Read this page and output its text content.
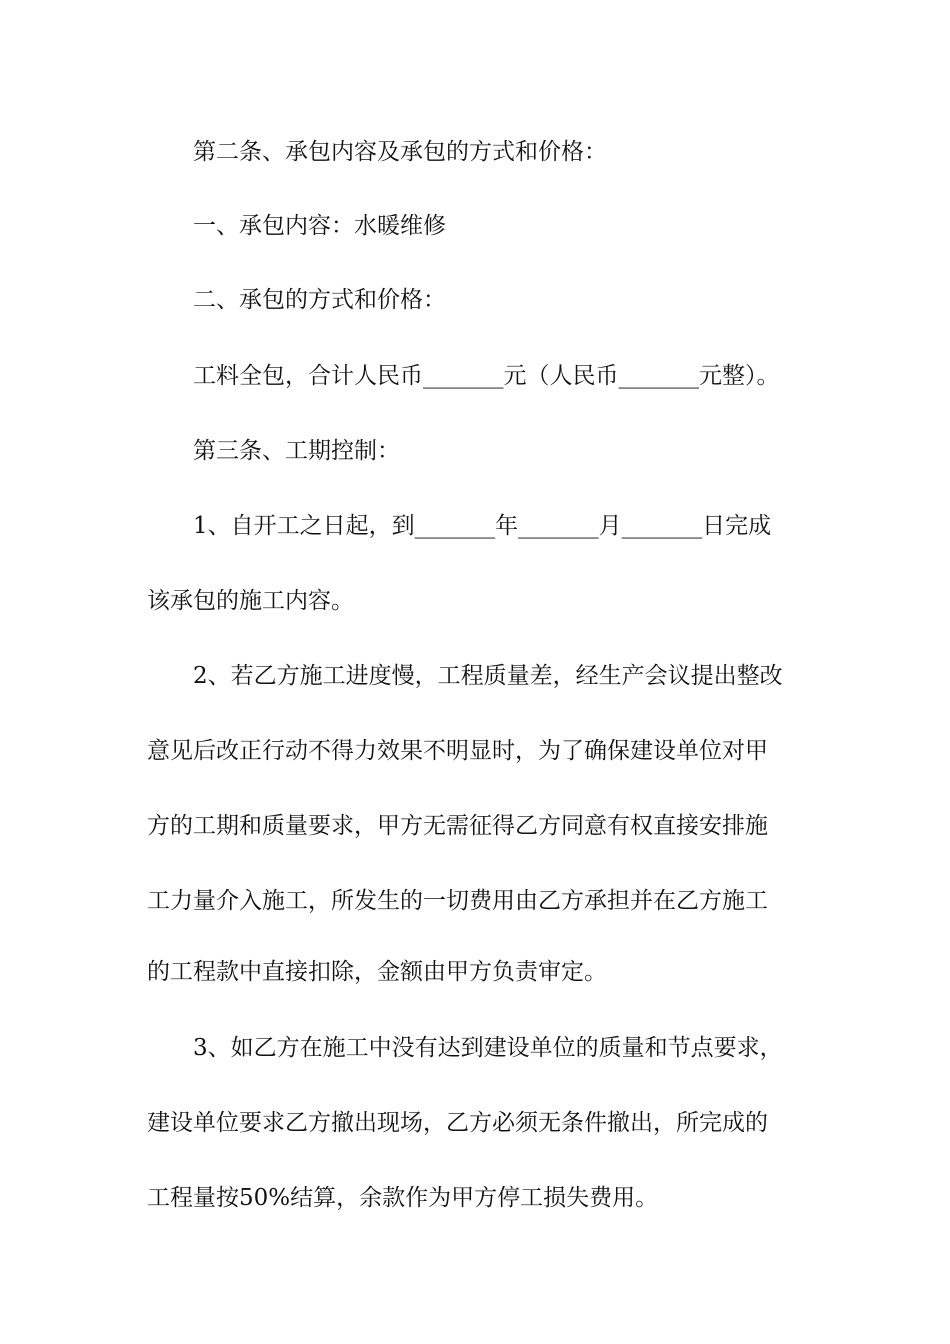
第二条、承包内容及承包的方式和价格：
一、承包内容：水暖维修
二、承包的方式和价格：
工料全包，合计人民币_______元（人民币_______元整）。
第三条、工期控制：
1、自开工之日起，到_______年_______月_______日完成
该承包的施工内容。
2、若乙方施工进度慢，工程质量差，经生产会议提出整改
意见后改正行动不得力效果不明显时，为了确保建设单位对甲
方的工期和质量要求，甲方无需征得乙方同意有权直接安排施
工力量介入施工，所发生的一切费用由乙方承担并在乙方施工
的工程款中直接扣除，金额由甲方负责审定。
3、如乙方在施工中没有达到建设单位的质量和节点要求，
建设单位要求乙方撤出现场，乙方必须无条件撤出，所完成的
工程量按50%结算，余款作为甲方停工损失费用。
